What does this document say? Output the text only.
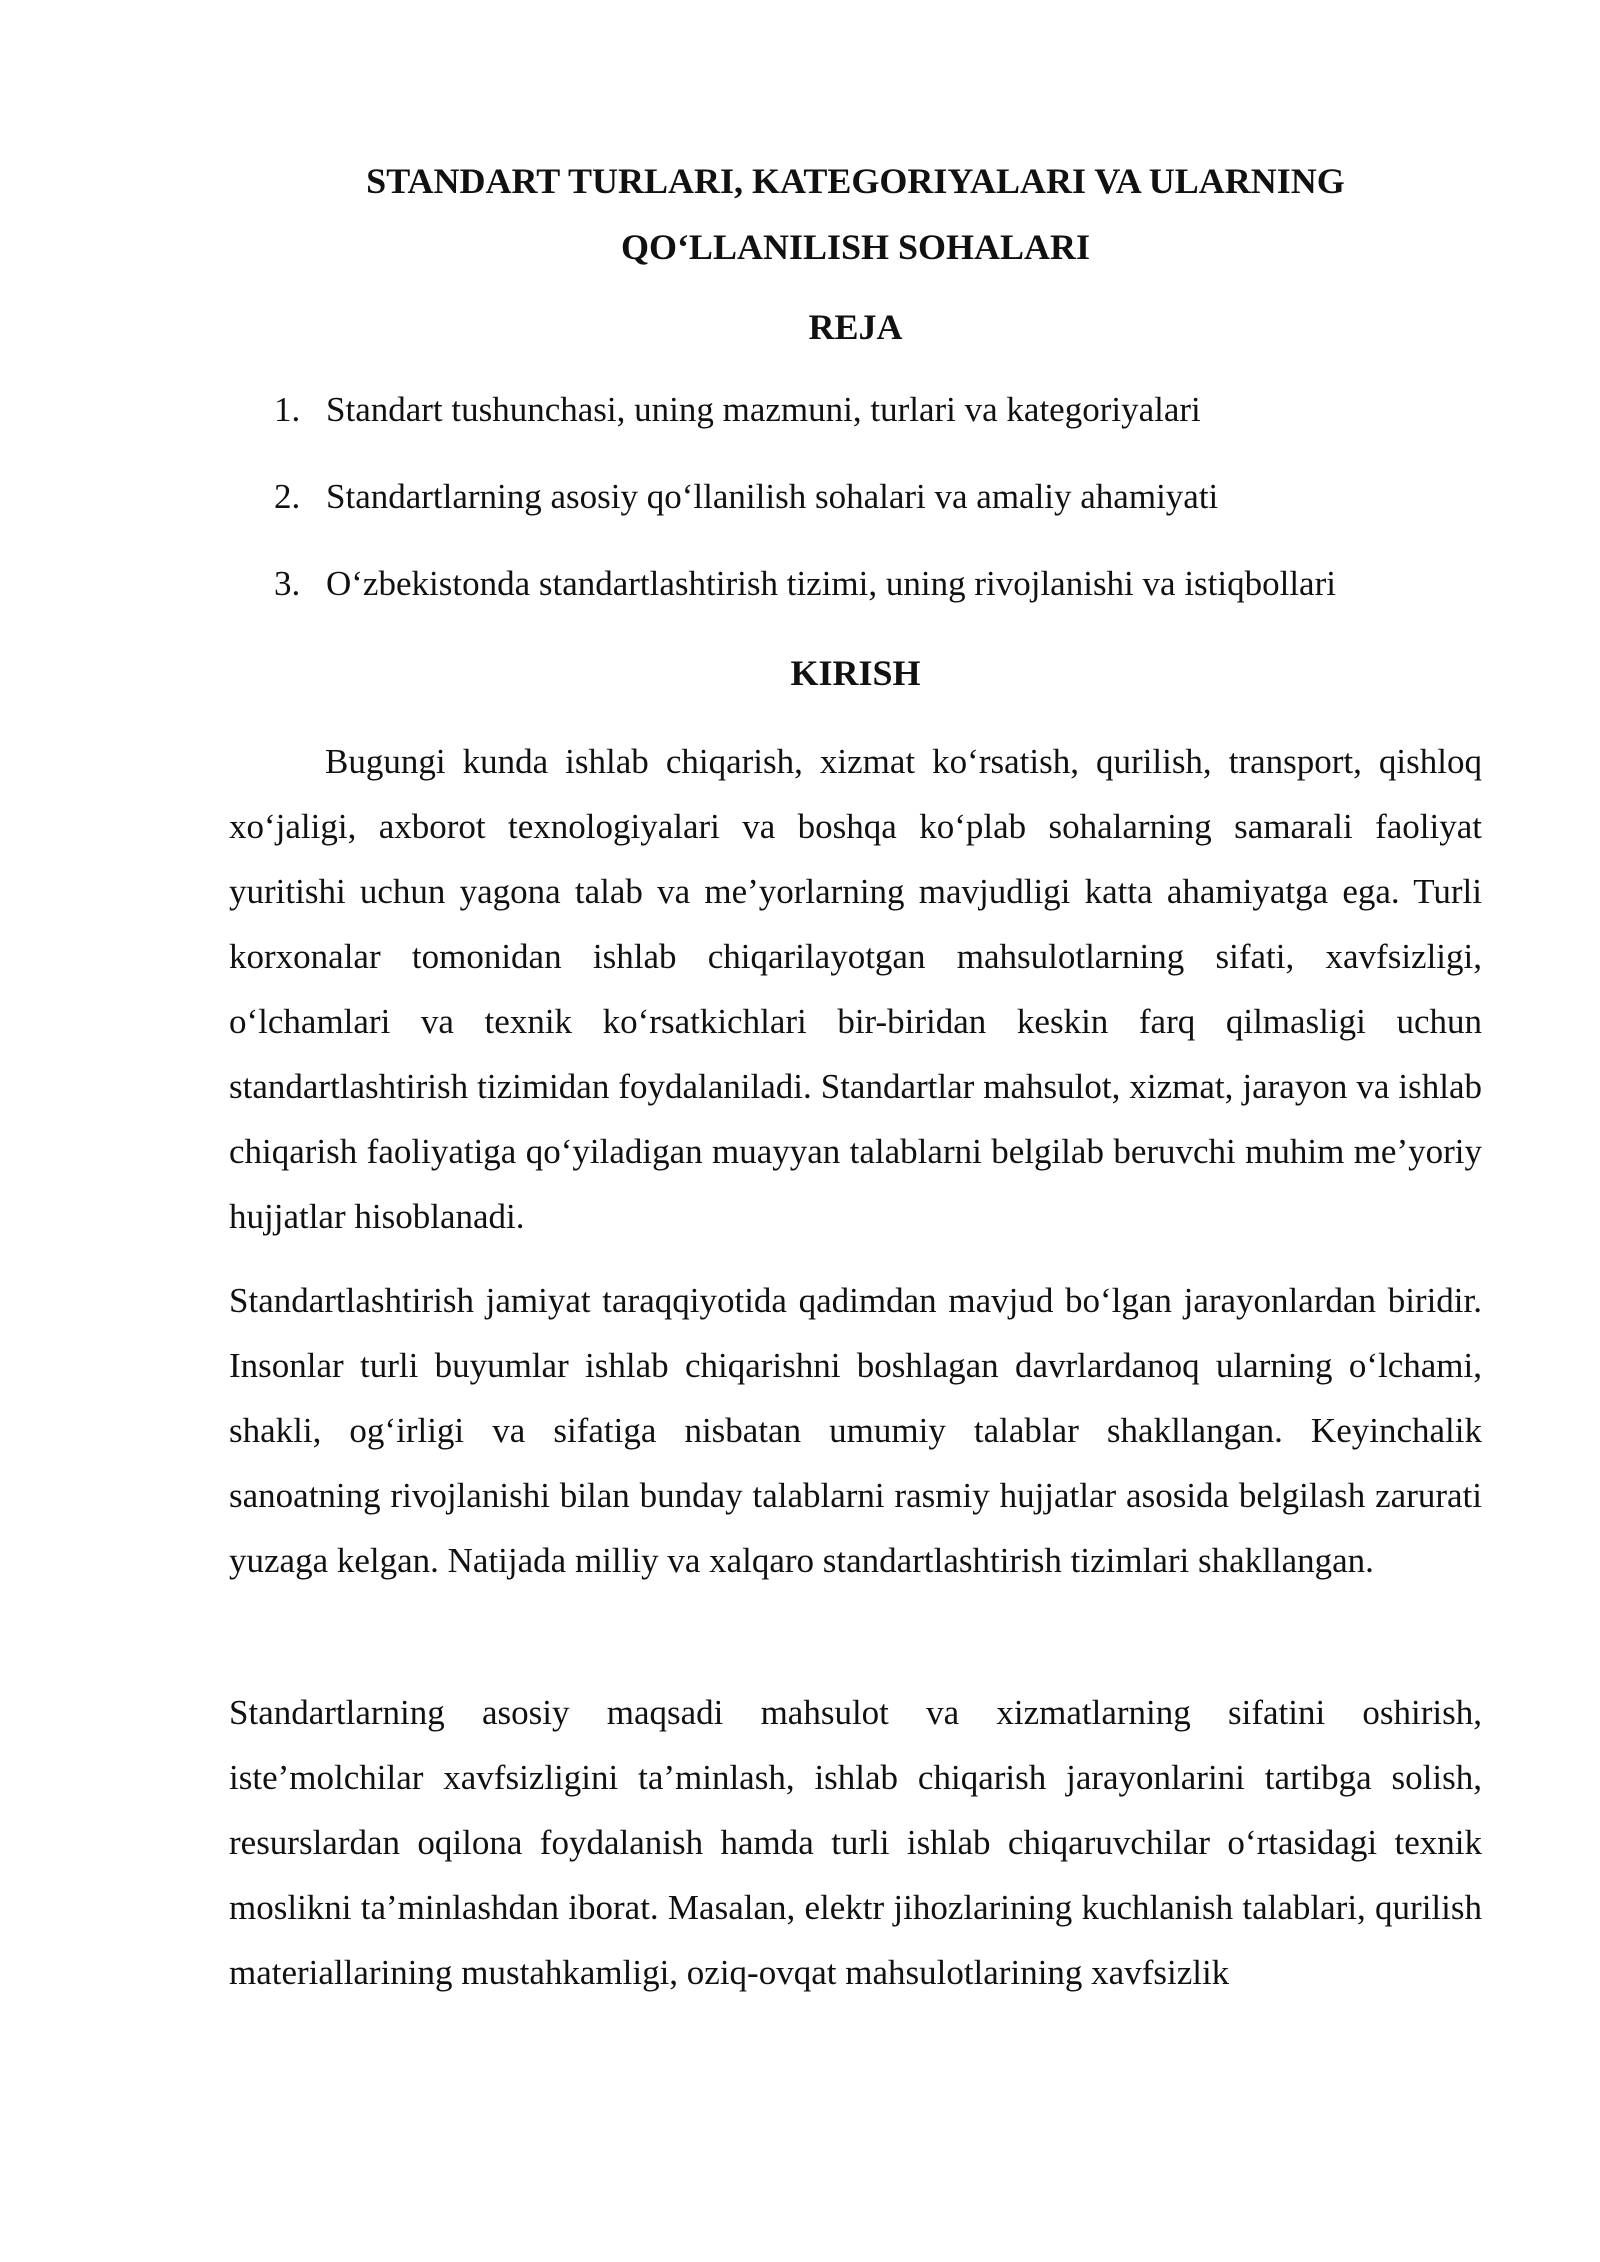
STANDART TURLARI, KATEGORIYALARI VA ULARNING
QO‘LLANILISH SOHALARI
REJA
1. Standart tushunchasi, uning mazmuni, turlari va kategoriyalari
2. Standartlarning asosiy qo‘llanilish sohalari va amaliy ahamiyati
3. O‘zbekistonda standartlashtirish tizimi, uning rivojlanishi va istiqbollari
KIRISH

Bugungi kunda ishlab chiqarish, xizmat ko‘rsatish, qurilish, transport, qishloq xo‘jaligi, axborot texnologiyalari va boshqa ko‘plab sohalarning samarali faoliyat yuritishi uchun yagona talab va me’yorlarning mavjudligi katta ahamiyatga ega. Turli korxonalar tomonidan ishlab chiqarilayotgan mahsulotlarning sifati, xavfsizligi, o‘lchamlari va texnik ko‘rsatkichlari bir-biridan keskin farq qilmasligi uchun standartlashtirish tizimidan foydalaniladi. Standartlar mahsulot, xizmat, jarayon va ishlab chiqarish faoliyatiga qo‘yiladigan muayyan talablarni belgilab beruvchi muhim me’yoriy hujjatlar hisoblanadi.

Standartlashtirish jamiyat taraqqiyotida qadimdan mavjud bo‘lgan jarayonlardan biridir. Insonlar turli buyumlar ishlab chiqarishni boshlagan davrlardanoq ularning o‘lchami, shakli, og‘irligi va sifatiga nisbatan umumiy talablar shakllangan. Keyinchalik sanoatning rivojlanishi bilan bunday talablarni rasmiy hujjatlar asosida belgilash zarurati yuzaga kelgan. Natijada milliy va xalqaro standartlashtirish tizimlari shakllangan.

Standartlarning asosiy maqsadi mahsulot va xizmatlarning sifatini oshirish, iste’molchilar xavfsizligini ta’minlash, ishlab chiqarish jarayonlarini tartibga solish, resurslardan oqilona foydalanish hamda turli ishlab chiqaruvchilar o‘rtasidagi texnik moslikni ta’minlashdan iborat. Masalan, elektr jihozlarining kuchlanish talablari, qurilish materiallarining mustahkamligi, oziq-ovqat mahsulotlarining xavfsizlik
